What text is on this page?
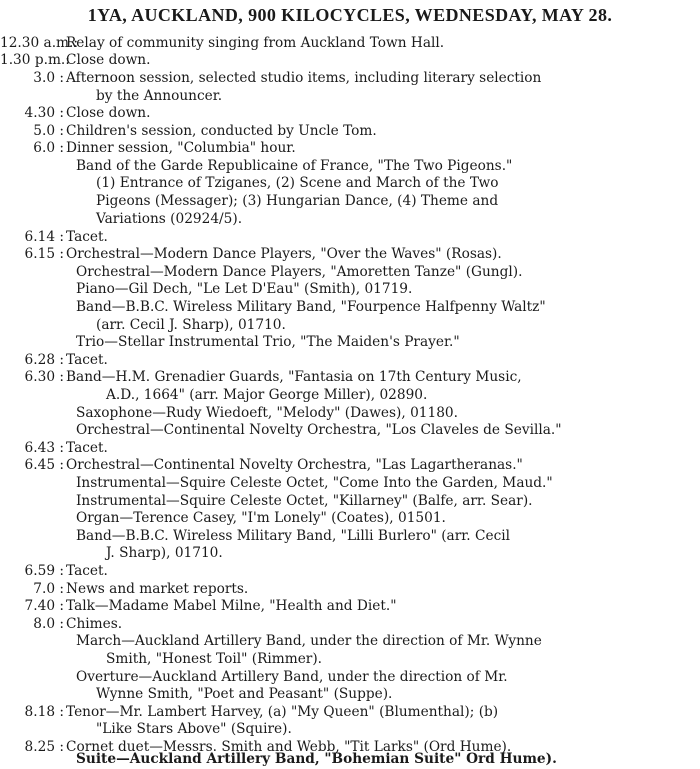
1YA, AUCKLAND, 900 KILOCYCLES, WEDNESDAY, MAY 28.
12.30 a.m.:
Relay of community singing from Auckland Town Hall.
1.30 p.m.:
Close down.
3.0 : Afternoon session, selected studio items, including literary selection
by the Announcer.
4.30 : Close down.
5.0 : Children's session, conducted by Uncle Tom.
6.0 : Dinner session, "Columbia" hour.
Band of the Garde Republicaine of France, "The Two Pigeons."
(1) Entrance of Tziganes, (2) Scene and March of the Two
Pigeons (Messager); (3) Hungarian Dance, (4) Theme and
Variations (02924/5).
6.14 : Tacet.
6.15 : Orchestral—Modern Dance Players, "Over the Waves" (Rosas).
Orchestral—Modern Dance Players, "Amoretten Tanze" (Gungl).
Piano—Gil Dech, "Le Let D'Eau" (Smith), 01719.
Band—B.B.C. Wireless Military Band, "Fourpence Halfpenny Waltz"
(arr. Cecil J. Sharp), 01710.
Trio—Stellar Instrumental Trio, "The Maiden's Prayer."
6.28 : Tacet.
6.30 : Band—H.M. Grenadier Guards, "Fantasia on 17th Century Music,
A.D., 1664" (arr. Major George Miller), 02890.
Saxophone—Rudy Wiedoeft, "Melody" (Dawes), 01180.
Orchestral—Continental Novelty Orchestra, "Los Claveles de Sevilla."
6.43 : Tacet.
6.45 : Orchestral—Continental Novelty Orchestra, "Las Lagartheranas."
Instrumental—Squire Celeste Octet, "Come Into the Garden, Maud."
Instrumental—Squire Celeste Octet, "Killarney" (Balfe, arr. Sear).
Organ—Terence Casey, "I'm Lonely" (Coates), 01501.
Band—B.B.C. Wireless Military Band, "Lilli Burlero" (arr. Cecil
J. Sharp), 01710.
6.59 : Tacet.
7.0 : News and market reports.
7.40 : Talk—Madame Mabel Milne, "Health and Diet."
8.0 : Chimes.
March—Auckland Artillery Band, under the direction of Mr. Wynne
Smith, "Honest Toil" (Rimmer).
Overture—Auckland Artillery Band, under the direction of Mr.
Wynne Smith, "Poet and Peasant" (Suppe).
8.18 : Tenor—Mr. Lambert Harvey, (a) "My Queen" (Blumenthal); (b)
"Like Stars Above" (Squire).
8.25 : Cornet duet—Messrs. Smith and Webb, "Tit Larks" (Ord Hume).
Suite—Auckland Artillery Band, "Bohemian Suite" Ord Hume).
